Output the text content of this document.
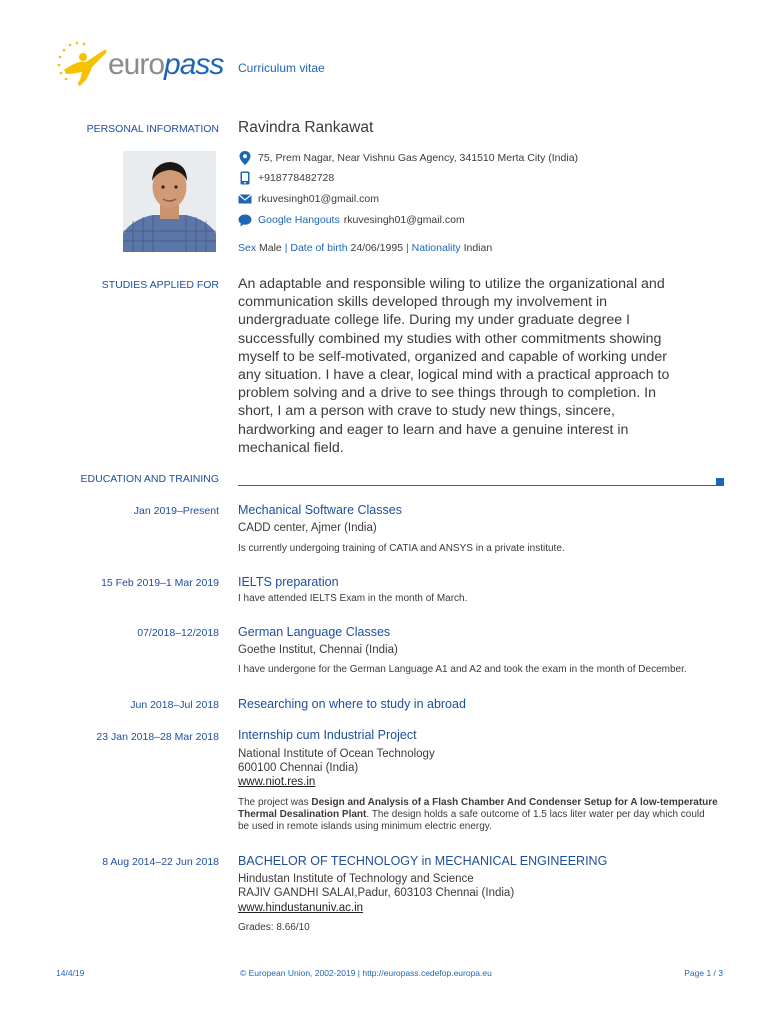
europass Curriculum vitae
PERSONAL INFORMATION Ravindra Rankawat
75, Prem Nagar, Near Vishnu Gas Agency, 341510 Merta City (India)
+918778482728
rkuvesingh01@gmail.com
Google Hangouts rkuvesingh01@gmail.com
Sex Male | Date of birth 24/06/1995 | Nationality Indian
STUDIES APPLIED FOR An adaptable and responsible wiling to utilize the organizational and
communication skills developed through my involvement in
undergraduate college life. During my under graduate degree I
successfully combined my studies with other commitments showing
myself to be self-motivated, organized and capable of working under
any situation. I have a clear, logical mind with a practical approach to
problem solving and a drive to see things through to completion. In
short, I am a person with crave to study new things, sincere,
hardworking and eager to learn and have a genuine interest in
mechanical field.
EDUCATION AND TRAINING
Jan 2019–Present Mechanical Software Classes
CADD center, Ajmer (India)
Is currently undergoing training of CATIA and ANSYS in a private institute.
15 Feb 2019–1 Mar 2019 IELTS preparation
I have attended IELTS Exam in the month of March.
07/2018–12/2018 German Language Classes
Goethe Institut, Chennai (India)
I have undergone for the German Language A1 and A2 and took the exam in the month of December.
Jun 2018–Jul 2018 Researching on where to study in abroad
23 Jan 2018–28 Mar 2018 Internship cum Industrial Project
National Institute of Ocean Technology
600100 Chennai (India)
www.niot.res.in
The project was Design and Analysis of a Flash Chamber And Condenser Setup for A low-temperature Thermal Desalination Plant. The design holds a safe outcome of 1.5 lacs liter water per day which could be used in remote islands using minimum electric energy.
8 Aug 2014–22 Jun 2018 BACHELOR OF TECHNOLOGY in MECHANICAL ENGINEERING
Hindustan Institute of Technology and Science
RAJIV GANDHI SALAI,Padur, 603103 Chennai (India)
www.hindustanuniv.ac.in
Grades: 8.66/10
14/4/19	© European Union, 2002-2019 | http://europass.cedefop.europa.eu	Page 1 / 3
